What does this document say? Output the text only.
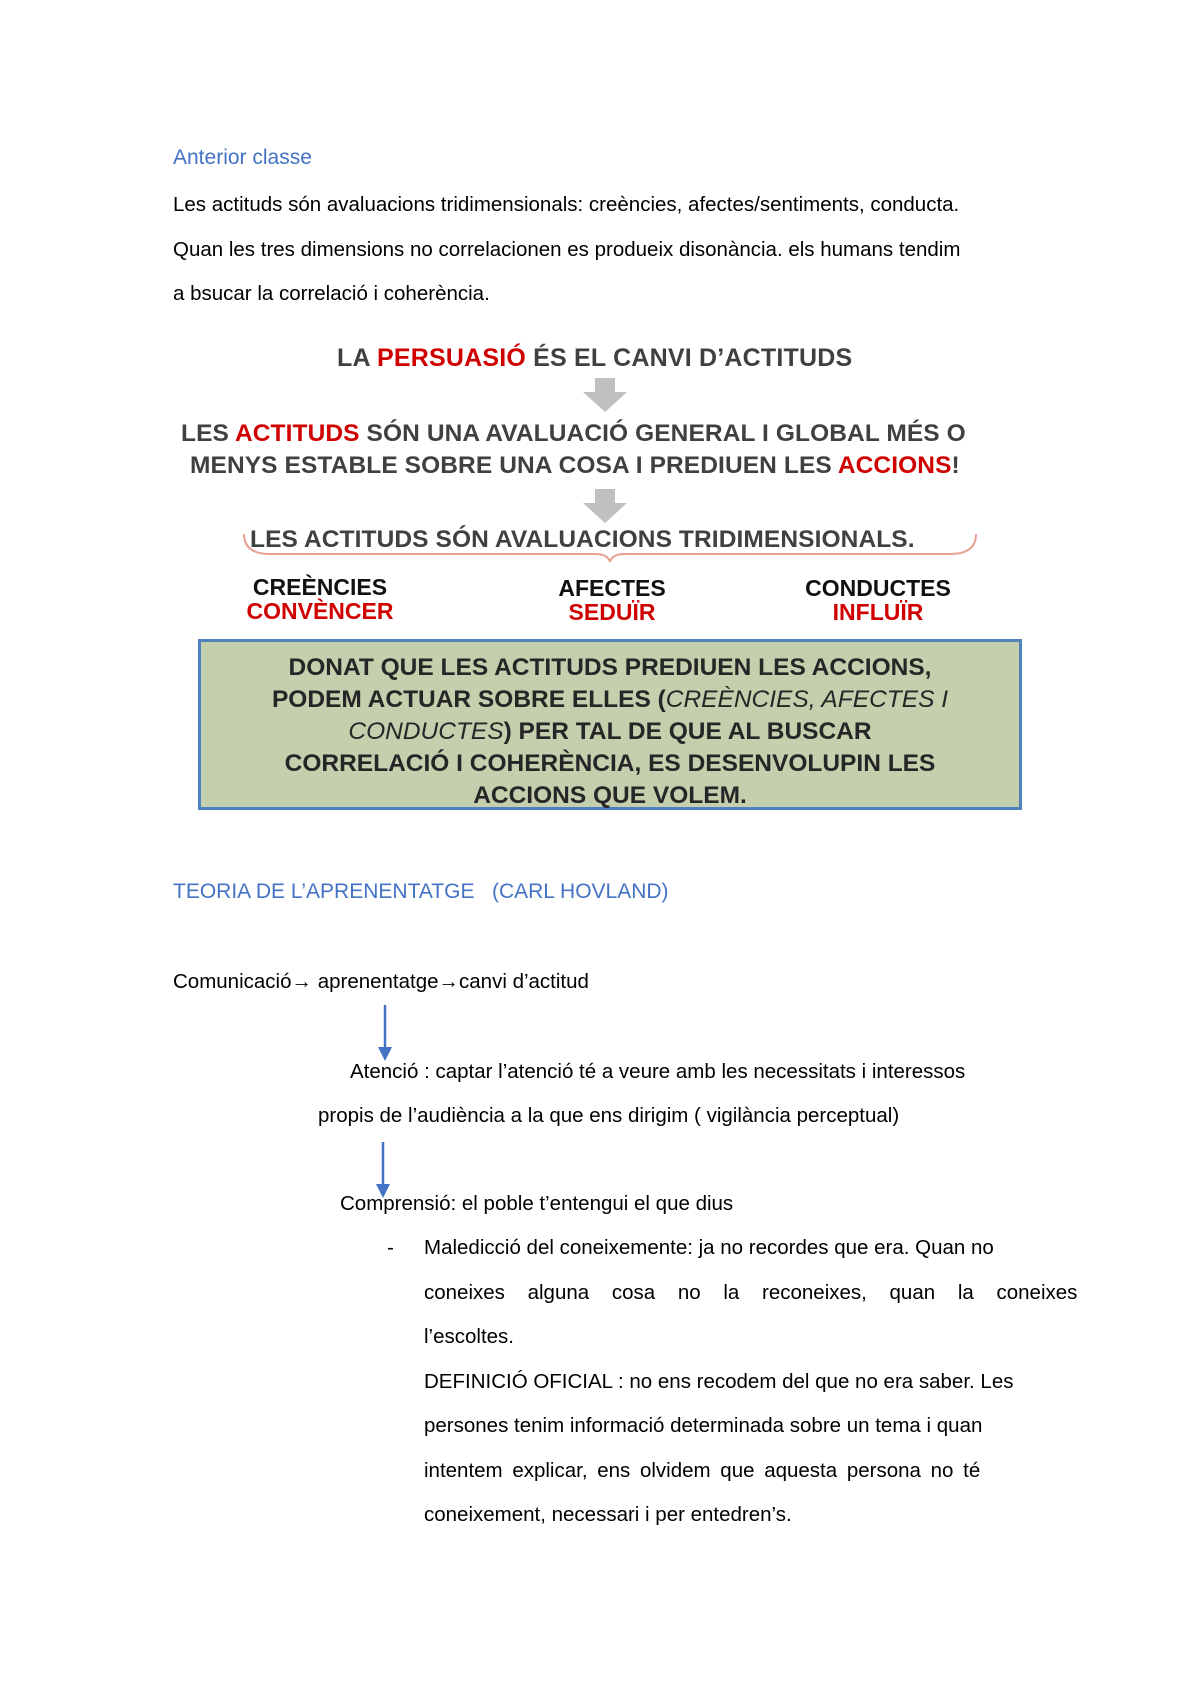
Anterior classe
Les actituds són avaluacions tridimensionals: creències, afectes/sentiments, conducta.
Quan les tres dimensions no correlacionen es produeix disonància. els humans tendim
a bsucar la correlació i coherència.
LA PERSUASIÓ ÉS EL CANVI D’ACTITUDS
LES ACTITUDS SÓN UNA AVALUACIÓ GENERAL I GLOBAL MÉS O
MENYS ESTABLE SOBRE UNA COSA I PREDIUEN LES ACCIONS!
LES ACTITUDS SÓN AVALUACIONS TRIDIMENSIONALS.
CREÈNCIES
CONVÈNCER
AFECTES
SEDUÏR
CONDUCTES
INFLUÏR
DONAT QUE LES ACTITUDS PREDIUEN LES ACCIONS,
PODEM ACTUAR SOBRE ELLES (CREÈNCIES, AFECTES I
CONDUCTES) PER TAL DE QUE AL BUSCAR
CORRELACIÓ I COHERÈNCIA, ES DESENVOLUPIN LES
ACCIONS QUE VOLEM.
TEORIA DE L’APRENENTATGE   (CARL HOVLAND)
Comunicació→ aprenentatge→canvi d’actitud
Atenció : captar l’atenció té a veure amb les necessitats i interessos
propis de l’audiència a la que ens dirigim ( vigilància perceptual)
Comprensió: el poble t’entengui el que dius
- Maledicció del coneixemente: ja no recordes que era. Quan no
coneixes alguna cosa no la reconeixes, quan la coneixes
l’escoltes.
DEFINICIÓ OFICIAL : no ens recodem del que no era saber. Les
persones tenim informació determinada sobre un tema i quan
intentem explicar, ens olvidem que aquesta persona no té
coneixement, necessari i per entedren’s.
